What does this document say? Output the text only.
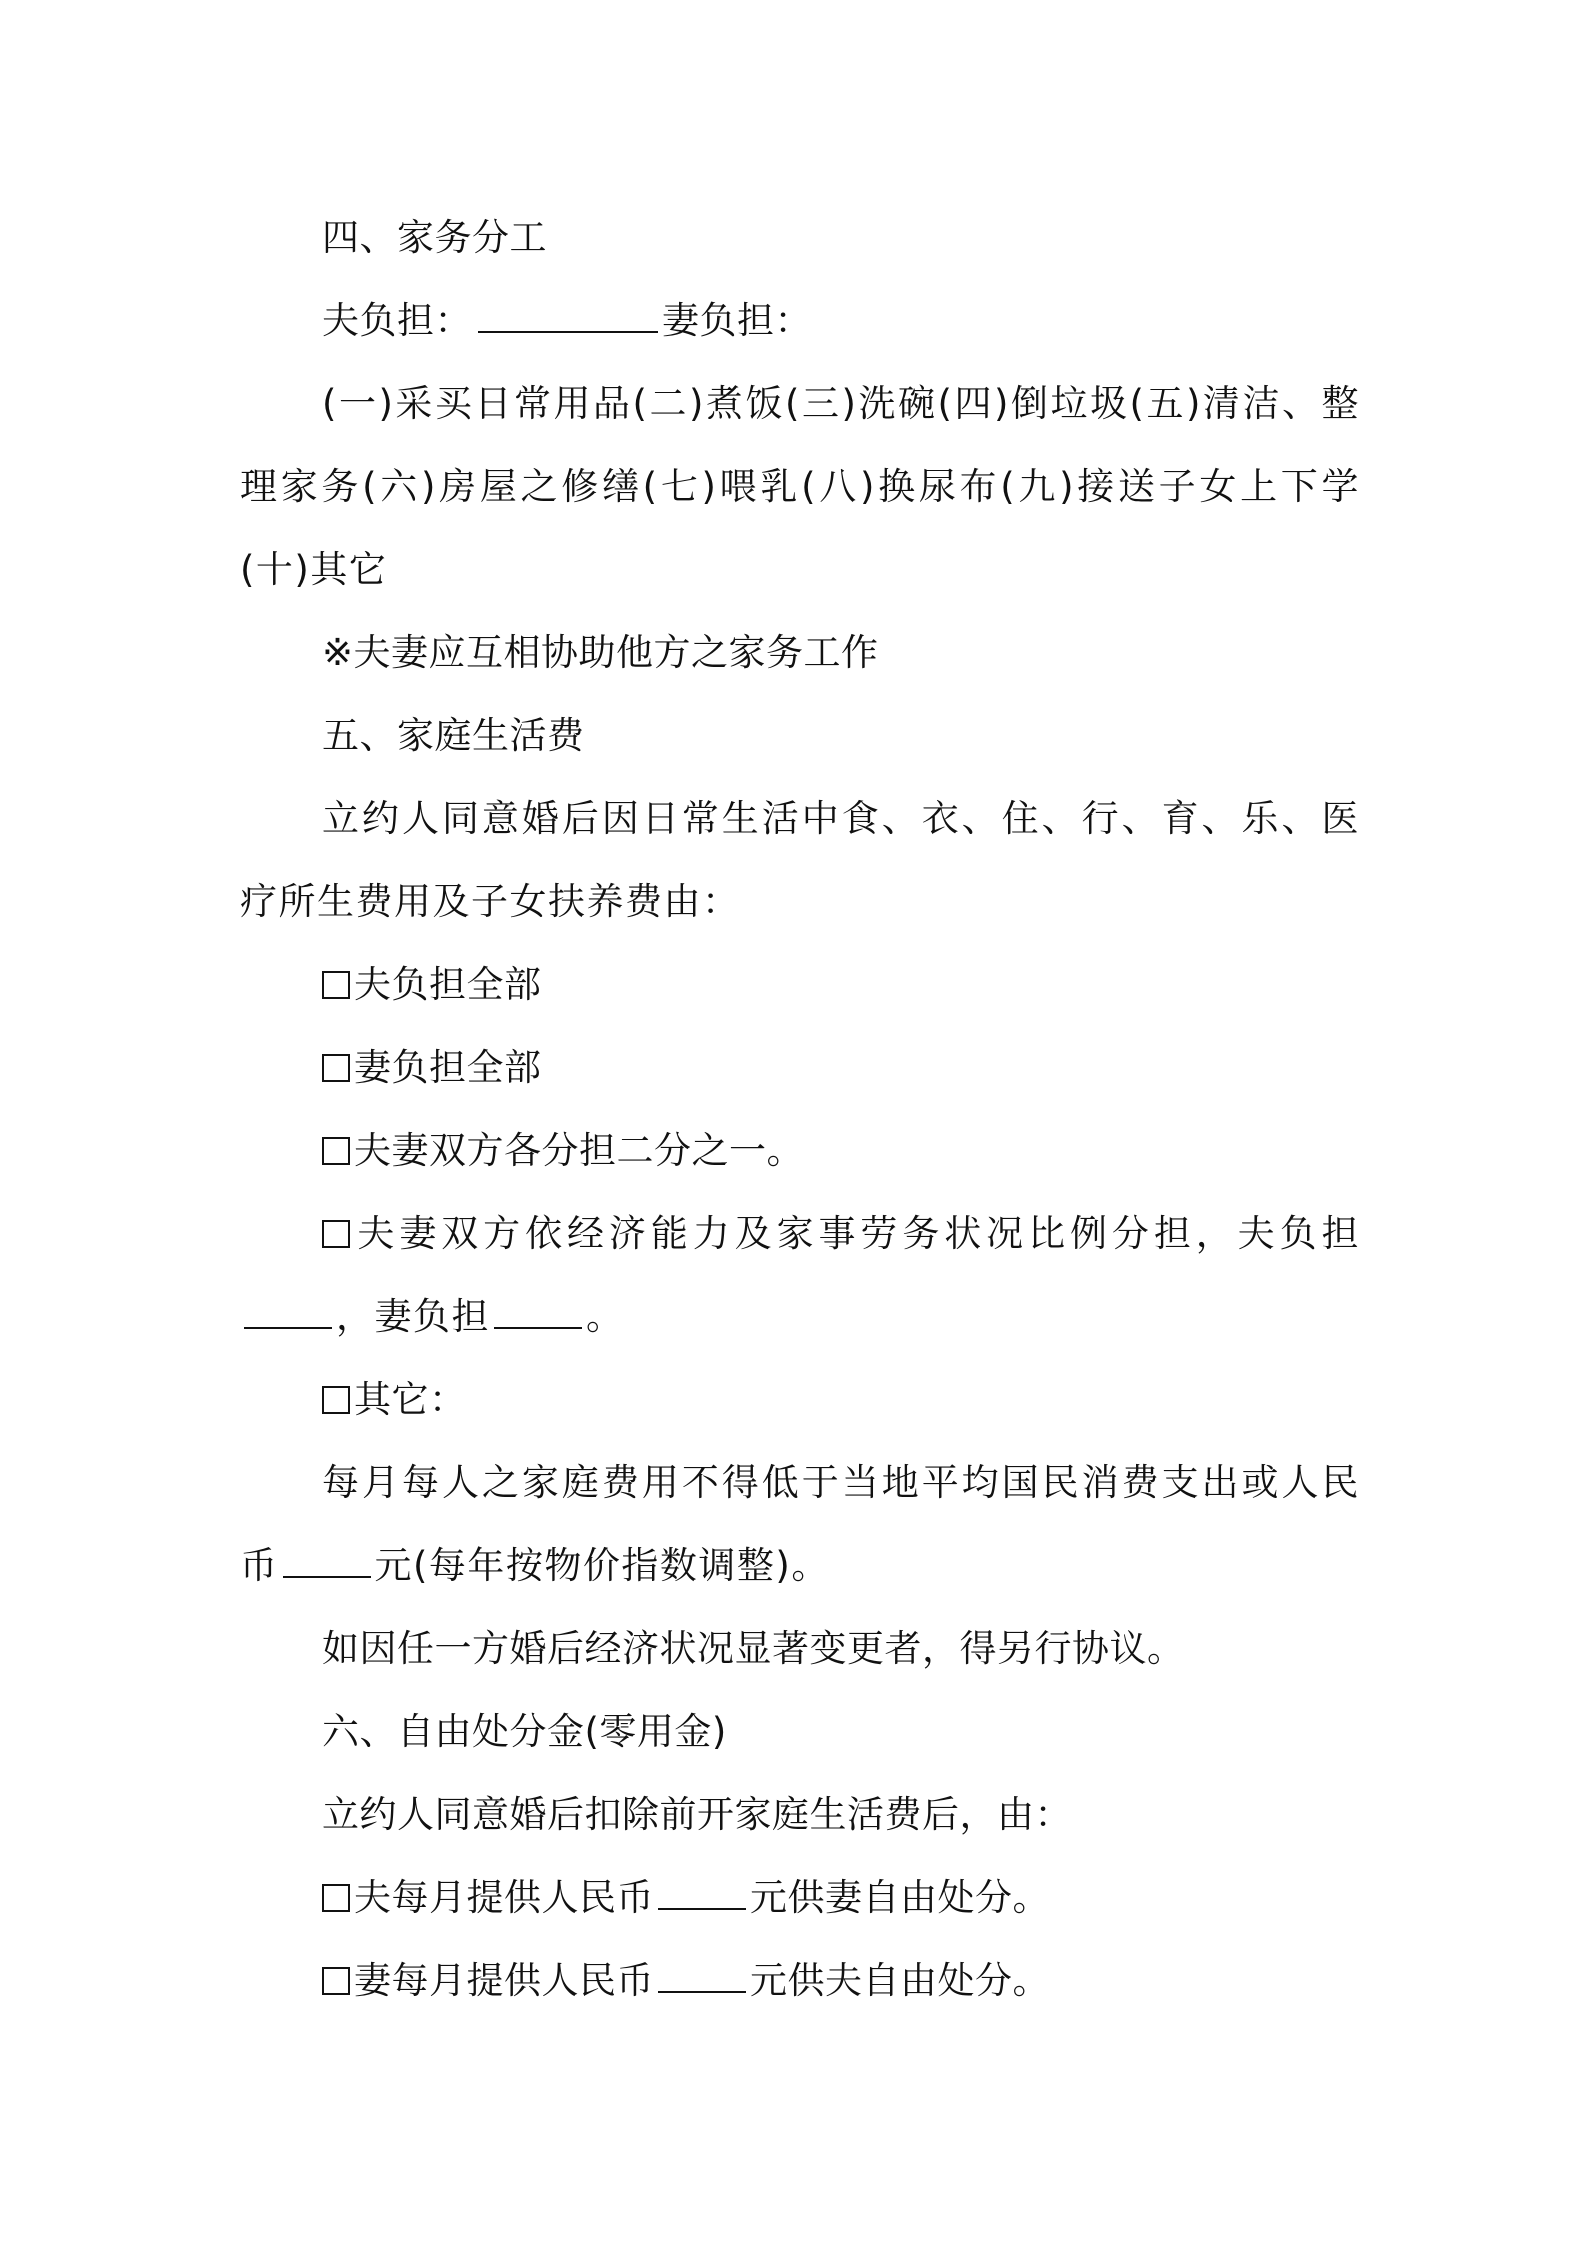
四、家务分工

夫负担：	妻负担：

(一)采买日常用品(二)煮饭(三)洗碗(四)倒垃圾(五)清洁、整理家务(六)房屋之修缮(七)喂乳(八)换尿布(九)接送子女上下学(十)其它

※夫妻应互相协助他方之家务工作

五、家庭生活费

立约人同意婚后因日常生活中食、衣、住、行、育、乐、医疗所生费用及子女扶养费由：

夫负担全部

妻负担全部

夫妻双方各分担二分之一。

夫妻双方依经济能力及家事劳务状况比例分担，夫负担，妻负担	。

其它：

每月每人之家庭费用不得低于当地平均国民消费支出或人民币	元(每年按物价指数调整)。

如因任一方婚后经济状况显著变更者，得另行协议。

六、自由处分金(零用金)

立约人同意婚后扣除前开家庭生活费后，由：

夫每月提供人民币	元供妻自由处分。

妻每月提供人民币	元供夫自由处分。
